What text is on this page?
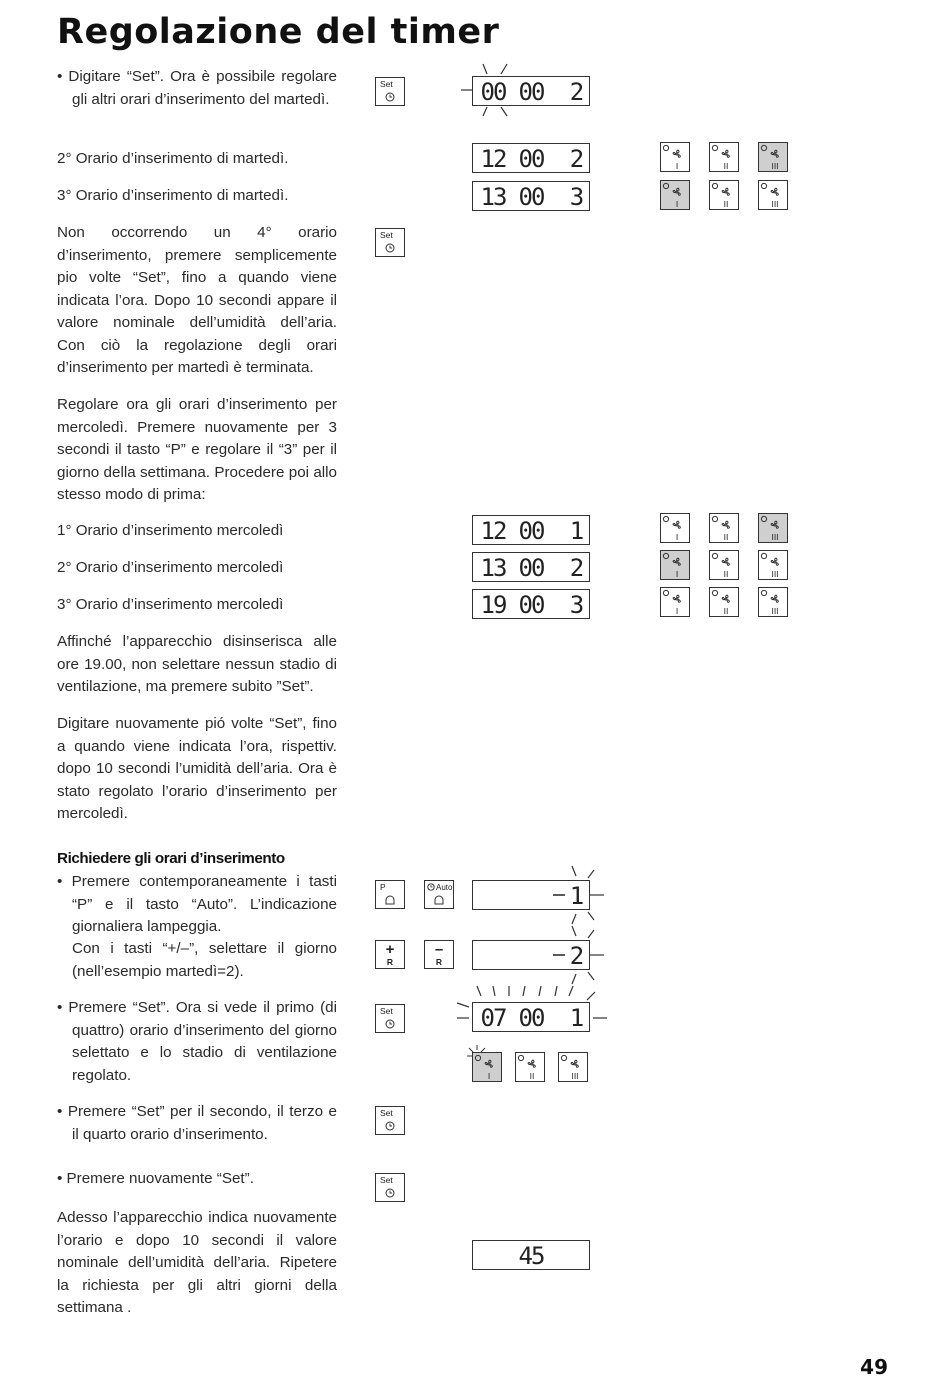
Regolazione del timer

• Digitare “Set”. Ora è possibile regolare gli altri orari d’inserimento del martedì.

2° Orario d’inserimento di martedì.

3° Orario d’inserimento di martedì.

Non occorrendo un 4° orario d’inserimento, premere semplicemente pio volte “Set”, fino a quando viene indicata l’ora. Dopo 10 secondi appare il valore nominale dell’umidità dell’aria. Con ciò la regolazione degli orari d’inserimento per martedì è terminata.

Regolare ora gli orari d’inserimento per mercoledì. Premere nuovamente per 3 secondi il tasto “P” e regolare il “3” per il giorno della settimana. Procedere poi allo stesso modo di prima:

1° Orario d’inserimento mercoledì

2° Orario d’inserimento mercoledì

3° Orario d’inserimento mercoledì

Affinché l’apparecchio disinserisca alle ore 19.00, non selettare nessun stadio di ventilazione, ma premere subito ”Set”.

Digitare nuovamente pió volte “Set”, fino a quando viene indicata l’ora, rispettiv. dopo 10 secondi l’umidità dell’aria. Ora è stato regolato l’orario d’inserimento per mercoledì.

Richiedere gli orari d’inserimento

• Premere contemporaneamente i tasti “P” e il tasto “Auto”. L’indicazione giornaliera lampeggia.

Con i tasti “+/–”, selettare il giorno (nell’esempio martedì=2).

• Premere “Set”. Ora si vede il primo (di quattro) orario d’inserimento del giorno selettato e lo stadio di ventilazione regolato.

• Premere “Set” per il secondo, il terzo e il quarto orario d’inserimento.

• Premere nuovamente “Set”.

Adesso l’apparecchio indica nuovamente l’orario e dopo 10 secondi il valore nominale dell’umidità dell’aria. Ripetere la richiesta per gli altri giorni della settimana .

Set
Set
P	Auto
+
R
–
R
Set
Set
Set
00 00 2
12 00 2
13 00 3
12 00 1
13 00 2
19 00 3
1
2
07 00 1
45
49
I	II	III
I	II	III
I	II	III
I	II	III
I	II	III
I	II	III
